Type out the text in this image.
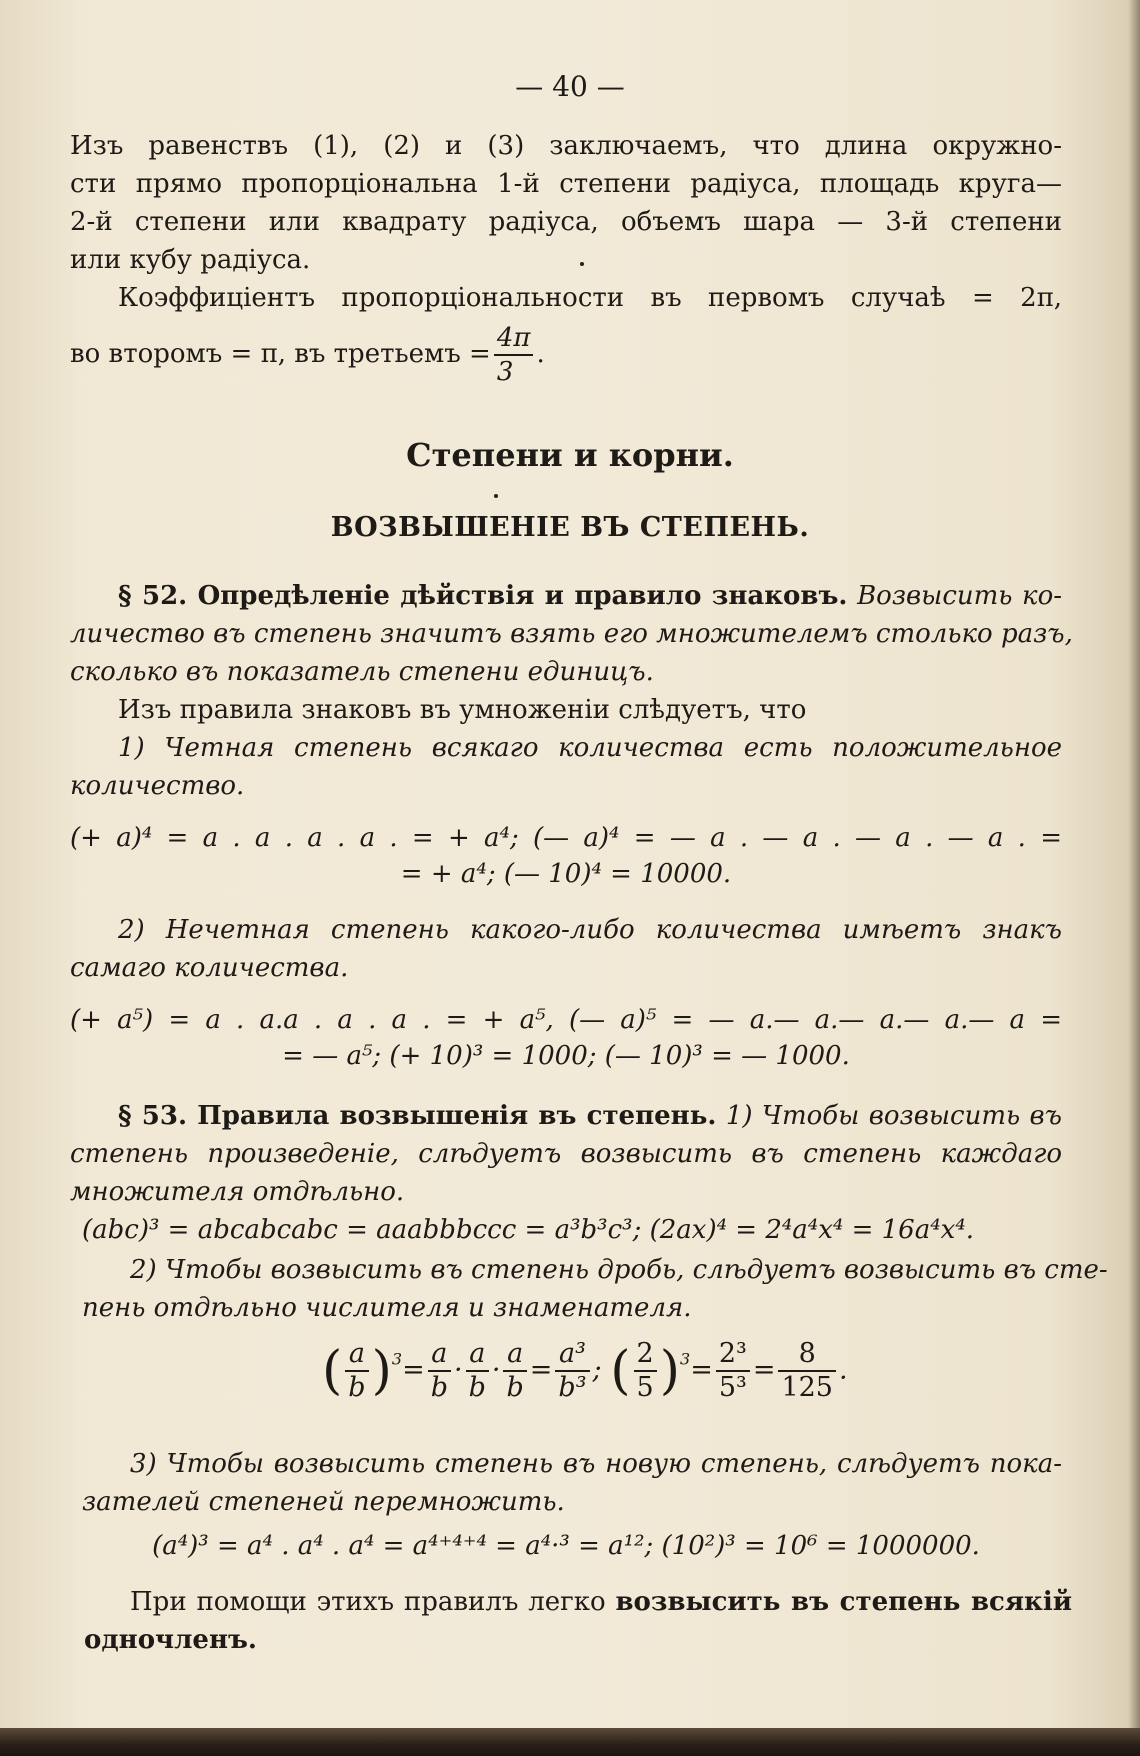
— 40 —
Изъ равенствъ (1), (2) и (3) заключаемъ, что длина окружно-
сти прямо пропорціональна 1-й степени радіуса, площадь круга—
2-й степени или квадрату радіуса, объемъ шара — 3-й степени
или кубу радіуса.
Коэффиціентъ пропорціональности въ первомъ случаѣ = 2π,
во второмъ = π, въ третьемъ = $\frac{4\pi}{3}$ .
Степени и корни.
ВОЗВЫШЕНІЕ ВЪ СТЕПЕНЬ.
§ 52. Опредѣленіе дѣйствія и правило знаковъ. Возвысить ко-
личество въ степень значитъ взять его множителемъ столько разъ,
сколько въ показатель степени единицъ.
Изъ правила знаковъ въ умноженіи слѣдуетъ, что
1) Четная степень всякаго количества есть положительное
количество.
(+ a)⁴ = a . a . a . a . = + a⁴; (— a)⁴ = — a . — a . — a . — a . =
= + a⁴; (— 10)⁴ = 10000.
2) Нечетная степень какого-либо количества имѣетъ знакъ
самаго количества.
(+ a⁵) = a . a.a . a . a . = + a⁵, (— a)⁵ = — a.— a.— a.— a.— a =
= — a⁵; (+ 10)³ = 1000; (— 10)³ = — 1000.
§ 53. Правила возвышенія въ степень. 1) Чтобы возвысить въ
степень произведеніе, слѣдуетъ возвысить въ степень каждаго
множителя отдѣльно.
(abc)³ = abcabcabc = aaabbbccc = a³b³c³; (2ax)⁴ = 2⁴a⁴x⁴ = 16a⁴x⁴.
2) Чтобы возвысить въ степень дробь, слѣдуетъ возвысить въ сте-
пень отдѣльно числителя и знаменателя.
( $\frac{a}{b} )^3= \frac{a}{b} \cdot \frac{a}{b} \cdot \frac{a}{b} = \frac{\text{a³}}{\text{b³}}$ ; ( $\frac{2}{5} )^3= \frac{\text{2³}}{\text{5³}} = \frac{8}{125}$ .
3) Чтобы возвысить степень въ новую степень, слѣдуетъ пока-
зателей степеней перемножить.
(a⁴)³ = a⁴ . a⁴ . a⁴ = a⁴⁺⁴⁺⁴ = a⁴·³ = a¹²; (10²)³ = 10⁶ = 1000000.
При помощи этихъ правилъ легко возвысить въ степень всякій
одночленъ.
